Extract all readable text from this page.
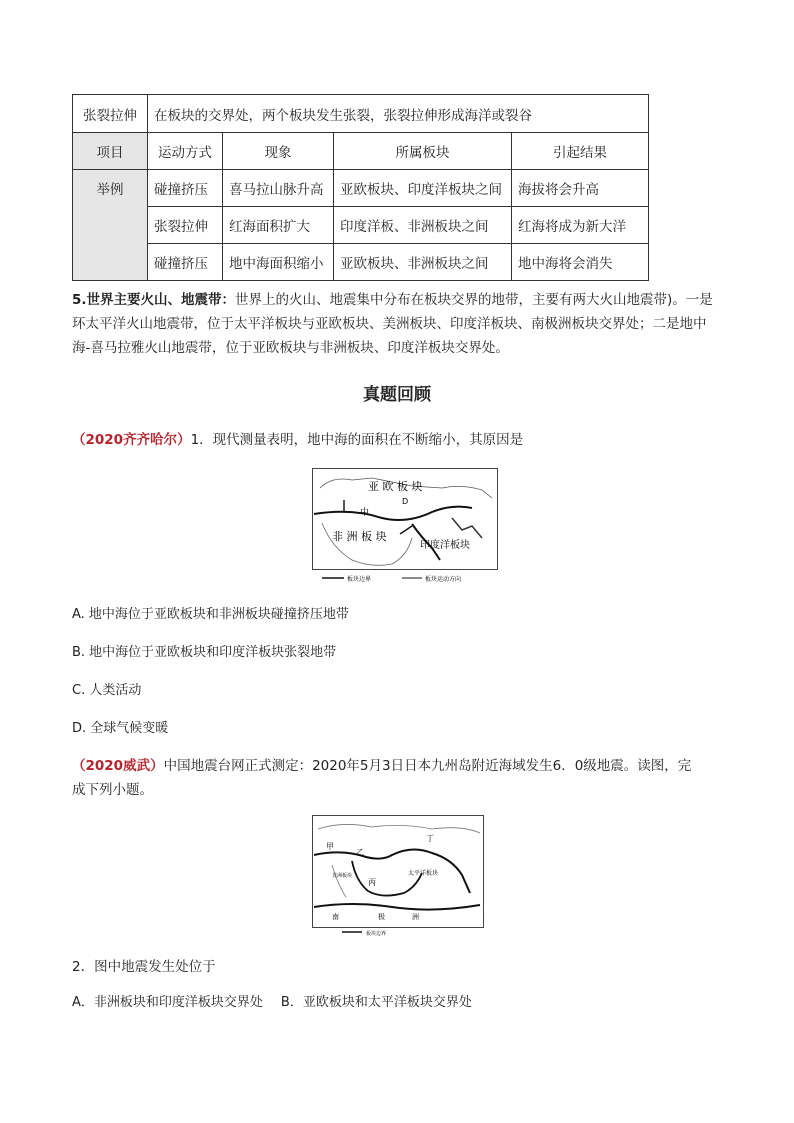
张裂拉伸	在板块的交界处，两个板块发生张裂，张裂拉伸形成海洋或裂谷			
项目	运动方式	现象	所属板块	引起结果
举例	碰撞挤压	喜马拉山脉升高	亚欧板块、印度洋板块之间	海拔将会升高
	张裂拉伸	红海面积扩大	印度洋板、非洲板块之间	红海将成为新大洋
	碰撞挤压	地中海面积缩小	亚欧板块、非洲板块之间	地中海将会消失
5.世界主要火山、地震带：世界上的火山、地震集中分布在板块交界的地带，主要有两大火山地震带)。一是环太平洋火山地震带，位于太平洋板块与亚欧板块、美洲板块、印度洋板块、南极洲板块交界处；二是地中海-喜马拉雅火山地震带，位于亚欧板块与非洲板块、印度洋板块交界处。
真题回顾
（2020齐齐哈尔）1．现代测量表明，地中海的面积在不断缩小，其原因是
亚 欧 板 块
非 洲 板 块
印度洋板块
中
D
板块边界	板块运动方向
A. 地中海位于亚欧板块和非洲板块碰撞挤压地带
B. 地中海位于亚欧板块和印度洋板块张裂地带
C. 人类活动
D. 全球气候变暖
（2020威武）中国地震台网正式测定：2020年5月3日日本九州岛附近海域发生6．0级地震。读图，完
成下列小题。
甲
乙
丙
丁
太平洋板块
非洲板块
南	极	洲
板块边界
2．图中地震发生处位于
A．非洲板块和印度洋板块交界处 B．亚欧板块和太平洋板块交界处
